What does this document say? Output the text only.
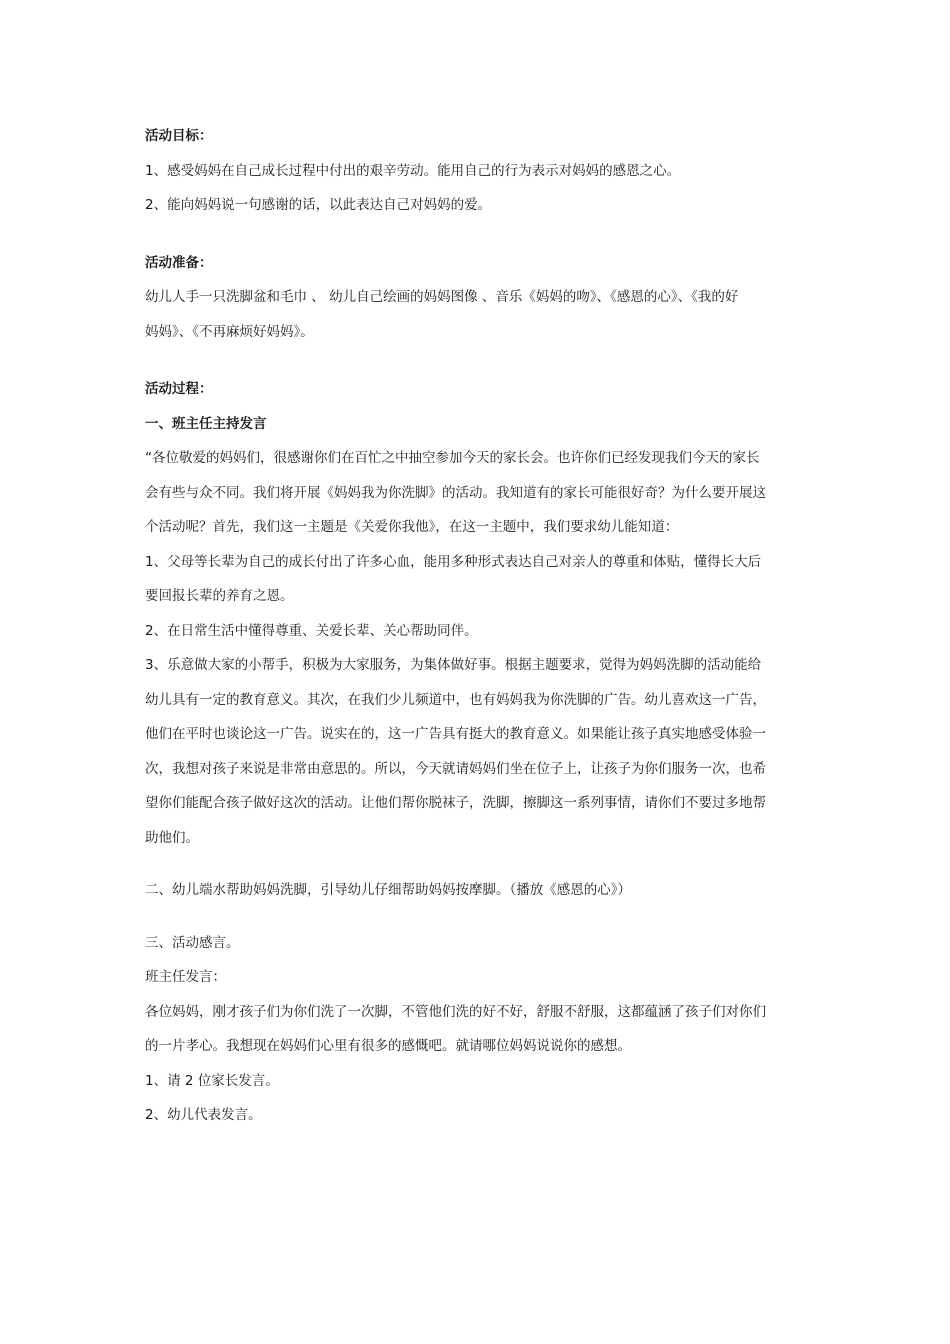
活动目标：

1、感受妈妈在自己成长过程中付出的艰辛劳动。能用自己的行为表示对妈妈的感恩之心。

2、能向妈妈说一句感谢的话，以此表达自己对妈妈的爱。

活动准备：

幼儿人手一只洗脚盆和毛巾 、 幼儿自己绘画的妈妈图像 、音乐《妈妈的吻》、《感恩的心》、《我的好

妈妈》、《不再麻烦好妈妈》。

活动过程：

一、班主任主持发言

“各位敬爱的妈妈们，很感谢你们在百忙之中抽空参加今天的家长会。也许你们已经发现我们今天的家长

会有些与众不同。我们将开展《妈妈我为你洗脚》的活动。我知道有的家长可能很好奇？为什么要开展这

个活动呢？首先，我们这一主题是《关爱你我他》，在这一主题中，我们要求幼儿能知道：

1、父母等长辈为自己的成长付出了许多心血，能用多种形式表达自己对亲人的尊重和体贴，懂得长大后

要回报长辈的养育之恩。

2、在日常生活中懂得尊重、关爱长辈、关心帮助同伴。

3、乐意做大家的小帮手，积极为大家服务，为集体做好事。根据主题要求，觉得为妈妈洗脚的活动能给

幼儿具有一定的教育意义。其次，在我们少儿频道中，也有妈妈我为你洗脚的广告。幼儿喜欢这一广告，

他们在平时也谈论这一广告。说实在的，这一广告具有挺大的教育意义。如果能让孩子真实地感受体验一

次，我想对孩子来说是非常由意思的。所以，今天就请妈妈们坐在位子上，让孩子为你们服务一次，也希

望你们能配合孩子做好这次的活动。让他们帮你脱袜子，洗脚，擦脚这一系列事情，请你们不要过多地帮

助他们。

二、幼儿端水帮助妈妈洗脚，引导幼儿仔细帮助妈妈按摩脚。（播放《感恩的心》）

三、活动感言。

班主任发言：

各位妈妈，刚才孩子们为你们洗了一次脚，不管他们洗的好不好，舒服不舒服，这都蕴涵了孩子们对你们

的一片孝心。我想现在妈妈们心里有很多的感慨吧。就请哪位妈妈说说你的感想。

1、请 2 位家长发言。

2、幼儿代表发言。
